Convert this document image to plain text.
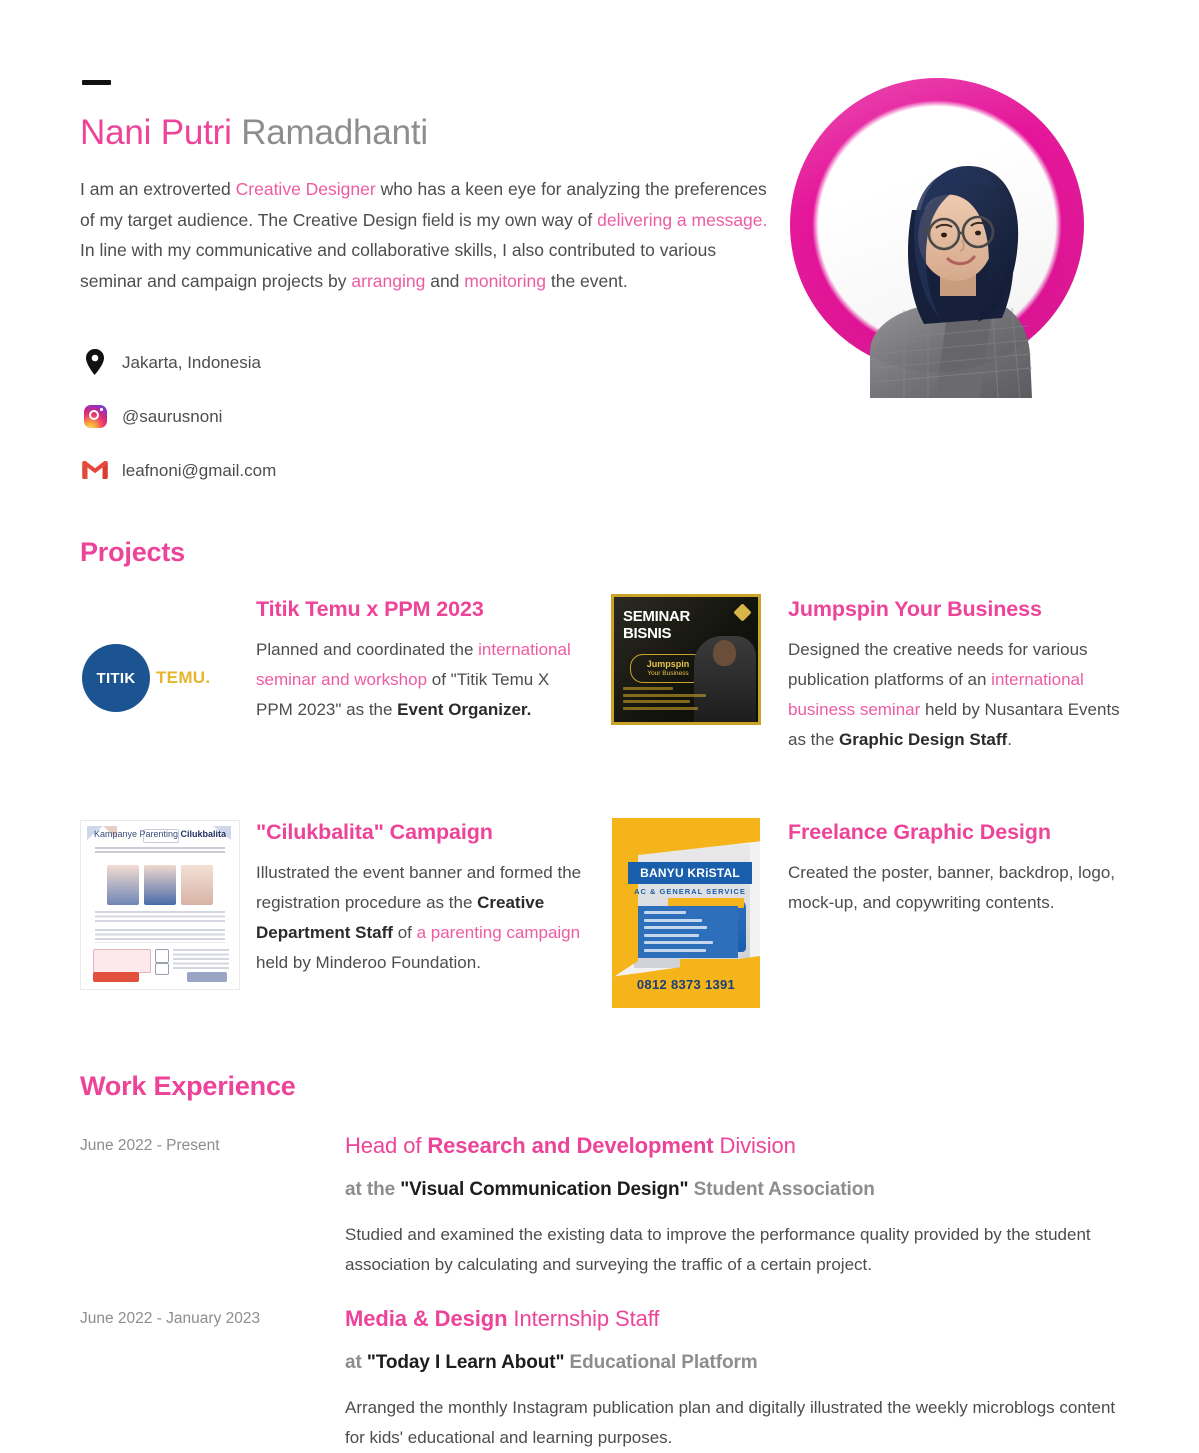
Nani Putri Ramadhanti

I am an extroverted Creative Designer who has a keen eye for analyzing the preferences of my target audience. The Creative Design field is my own way of delivering a message. In line with my communicative and collaborative skills, I also contributed to various seminar and campaign projects by arranging and monitoring the event.

Jakarta, Indonesia
@saurusnoni
leafnoni@gmail.com
Projects
TITIK	TEMU.
Titik Temu x PPM 2023

Planned and coordinated the international seminar and workshop of "Titik Temu X PPM 2023" as the Event Organizer.

SEMINAR
BISNIS
Jumpspin
Your Business
Jumpspin Your Business

Designed the creative needs for various publication platforms of an international business seminar held by Nusantara Events as the Graphic Design Staff.

Kampanye Parenting Cilukbalita	"Cilukbalita" Campaign

Illustrated the event banner and formed the registration procedure as the Creative Department Staff of a parenting campaign held by Minderoo Foundation.

BANYU KRiSTAL
AC & GENERAL SERVICE
0812 8373 1391
Freelance Graphic Design

Created the poster, banner, backdrop, logo, mock-up, and copywriting contents.

Work Experience
June 2022 - Present	Head of Research and Development Division
at the "Visual Communication Design" Student Association

Studied and examined the existing data to improve the performance quality provided by the student association by calculating and surveying the traffic of a certain project.

June 2022 - January 2023	Media & Design Internship Staff
at "Today I Learn About" Educational Platform

Arranged the monthly Instagram publication plan and digitally illustrated the weekly microblogs content for kids' educational and learning purposes.
